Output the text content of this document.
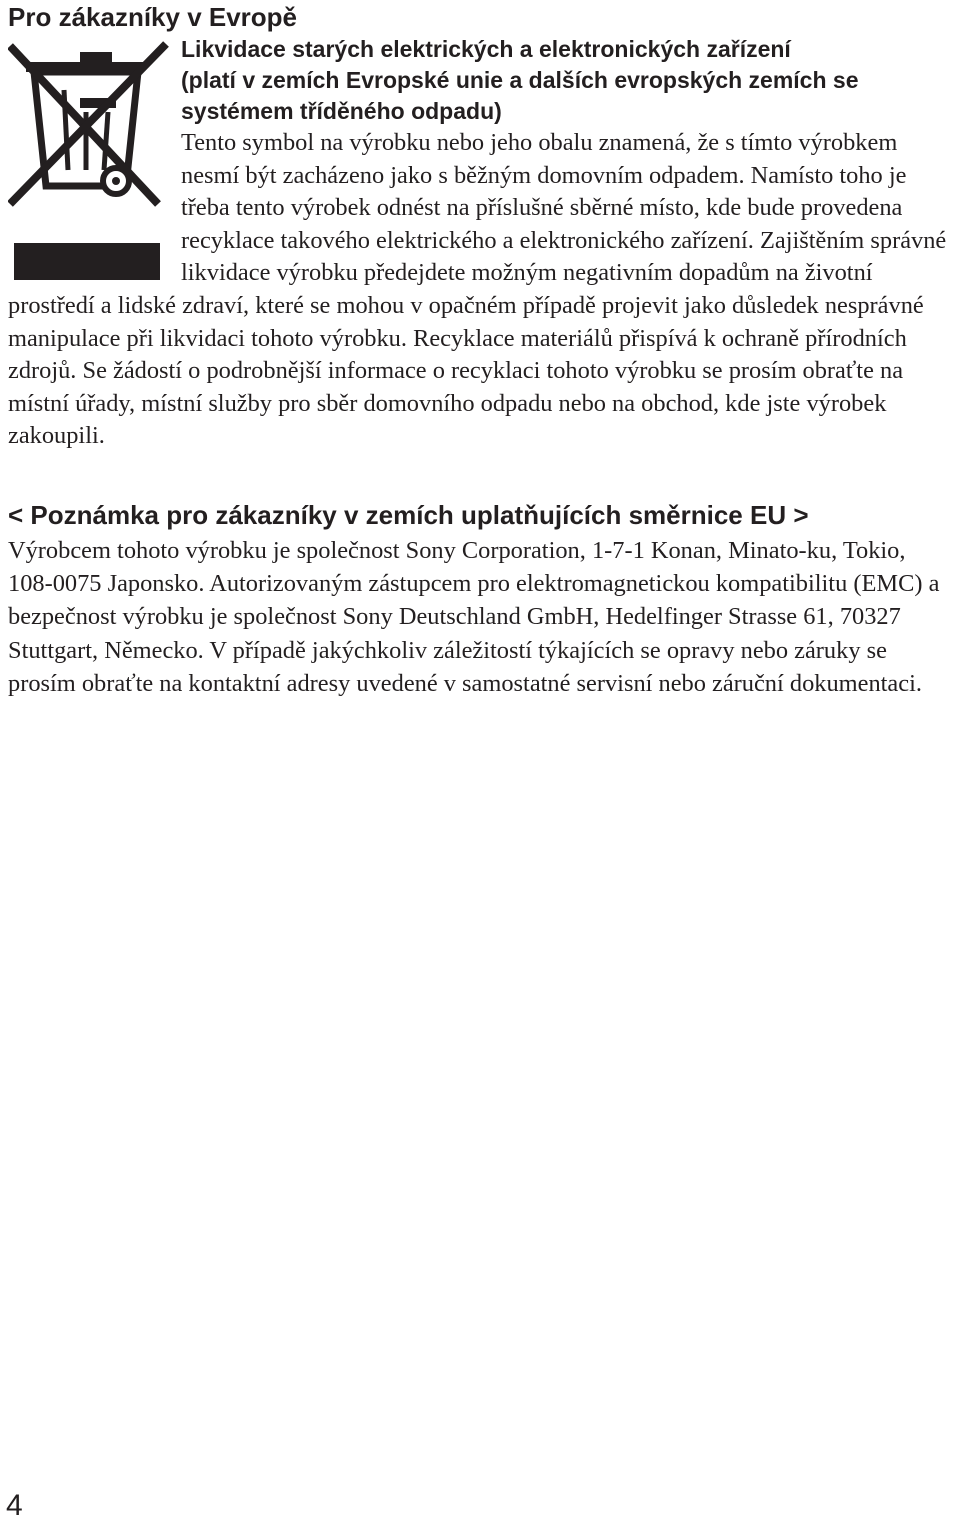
Pro zákazníky v Evropě

Likvidace starých elektrických a elektronických zařízení
(platí v zemích Evropské unie a dalších evropských zemích se
systémem tříděného odpadu)

Tento symbol na výrobku nebo jeho obalu znamená, že s tímto výrobkem nesmí být zacházeno jako s běžným domovním odpadem. Namísto toho je třeba tento výrobek odnést na příslušné sběrné místo, kde bude provedena recyklace takového elektrického a elektronického zařízení. Zajištěním správné likvidace výrobku předejdete možným negativním dopadům na životní prostředí a lidské zdraví, které se mohou v opačném případě projevit jako důsledek nesprávné manipulace při likvidaci tohoto výrobku. Recyklace materiálů přispívá k ochraně přírodních zdrojů. Se žádostí o podrobnější informace o recyklaci tohoto výrobku se prosím obraťte na místní úřady, místní služby pro sběr domovního odpadu nebo na obchod, kde jste výrobek zakoupili.

< Poznámka pro zákazníky v zemích uplatňujících směrnice EU >

Výrobcem tohoto výrobku je společnost Sony Corporation, 1-7-1 Konan, Minato-ku, Tokio, 108-0075 Japonsko. Autorizovaným zástupcem pro elektromagnetickou kompatibilitu (EMC) a bezpečnost výrobku je společnost Sony Deutschland GmbH, Hedelfinger Strasse 61, 70327 Stuttgart, Německo. V případě jakýchkoliv záležitostí týkajících se opravy nebo záruky se prosím obraťte na kontaktní adresy uvedené v samostatné servisní nebo záruční dokumentaci.

4
